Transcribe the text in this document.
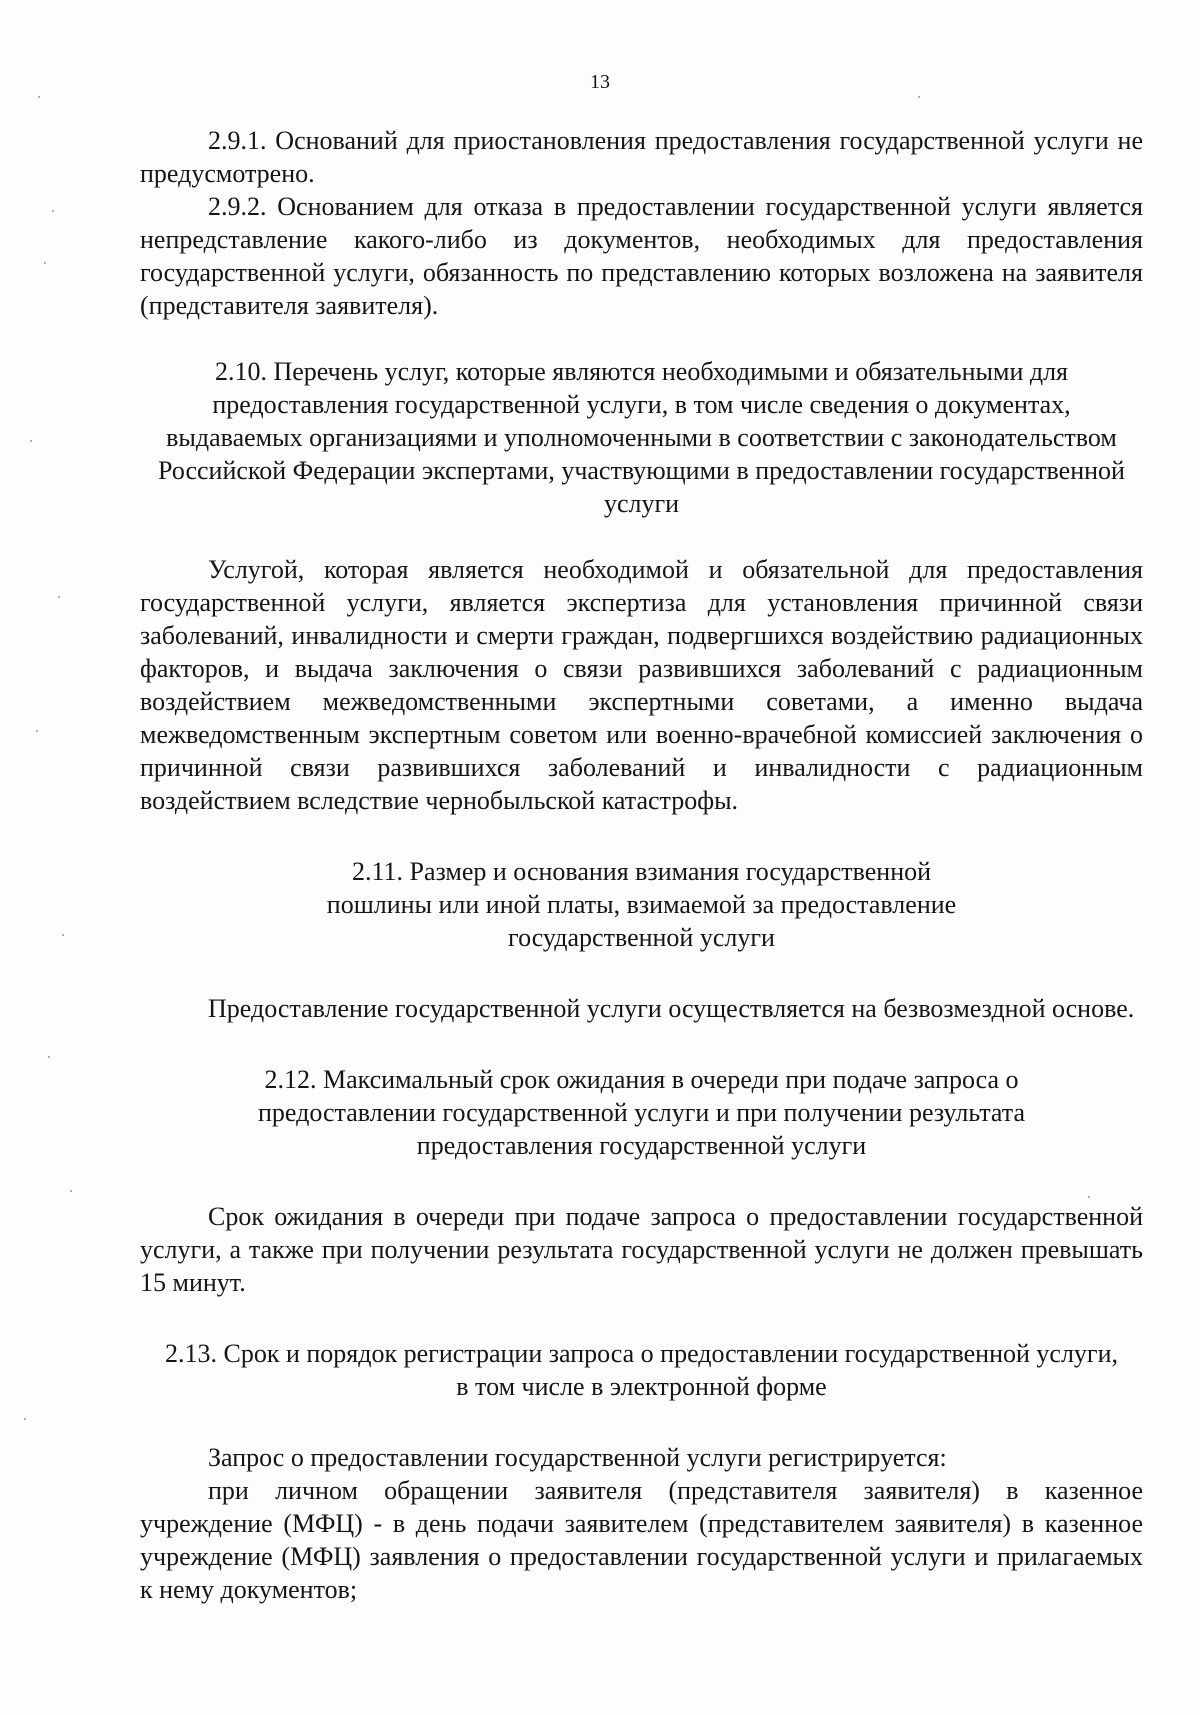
13

2.9.1. Оснований для приостановления предоставления государственной услуги не предусмотрено.

2.9.2. Основанием для отказа в предоставлении государственной услуги является непредставление какого-либо из документов, необходимых для предоставления государственной услуги, обязанность по представлению которых возложена на заявителя (представителя заявителя).

2.10. Перечень услуг, которые являются необходимыми и обязательными для предоставления государственной услуги, в том числе сведения о документах, выдаваемых организациями и уполномоченными в соответствии с законодательством Российской Федерации экспертами, участвующими в предоставлении государственной услуги

Услугой, которая является необходимой и обязательной для предоставления государственной услуги, является экспертиза для установления причинной связи заболеваний, инвалидности и смерти граждан, подвергшихся воздействию радиационных факторов, и выдача заключения о связи развившихся заболеваний с радиационным воздействием межведомственными экспертными советами, а именно выдача межведомственным экспертным советом или военно-врачебной комиссией заключения о причинной связи развившихся заболеваний и инвалидности с радиационным воздействием вследствие чернобыльской катастрофы.

2.11. Размер и основания взимания государственной пошлины или иной платы, взимаемой за предоставление государственной услуги

Предоставление государственной услуги осуществляется на безвозмездной основе.

2.12. Максимальный срок ожидания в очереди при подаче запроса о предоставлении государственной услуги и при получении результата предоставления государственной услуги

Срок ожидания в очереди при подаче запроса о предоставлении государственной услуги, а также при получении результата государственной услуги не должен превышать 15 минут.

2.13. Срок и порядок регистрации запроса о предоставлении государственной услуги, в том числе в электронной форме

Запрос о предоставлении государственной услуги регистрируется:

при личном обращении заявителя (представителя заявителя) в казенное учреждение (МФЦ) - в день подачи заявителем (представителем заявителя) в казенное учреждение (МФЦ) заявления о предоставлении государственной услуги и прилагаемых к нему документов;
